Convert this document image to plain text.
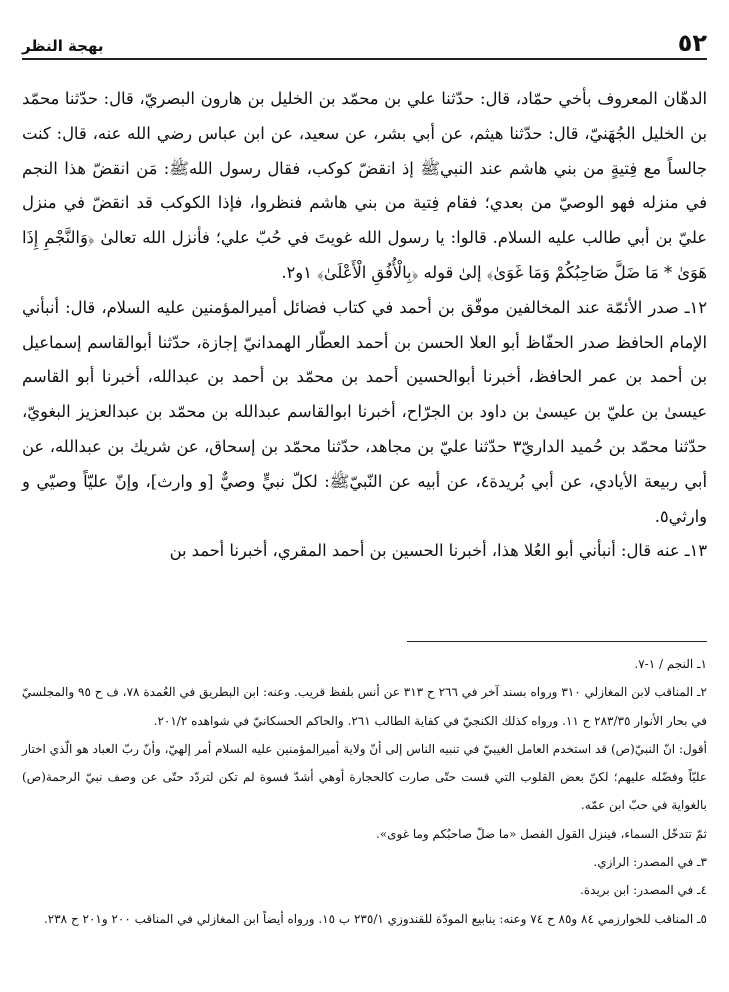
٥٢
بهجة النظر

الدهّان المعروف بأخي حمّاد، قال: حدّثنا علي بن محمّد بن الخليل بن هارون البصريّ، قال: حدّثنا محمّد بن الخليل الجُهَنيّ، قال: حدّثنا هيثم، عن أبي بشر، عن سعيد، عن ابن عباس رضي الله عنه، قال: كنت جالساً مع فِتيةٍ من بني هاشم عند النبيﷺ إذ انقضّ كوكب، فقال رسول اللهﷺ: مَن انقضّ هذا النجم في منزله فهو الوصيّ من بعدي؛ فقام فِتية من بني هاشم فنظروا، فإذا الكوكب قد انقضّ في منزل عليّ بن أبي طالب عليه السلام. قالوا: يا رسول الله غويتَ في حُبّ علي؛ فأنزل الله تعالىٰ ﴿وَالنَّجْمِ إِذَا هَوَىٰ * مَا ضَلَّ صَاحِبُكُمْ وَمَا غَوَىٰ﴾ إلىٰ قوله ﴿بِالْأُفُقِ الْأَعْلَىٰ﴾ ١و٢.

١٢ـ صدر الأئمّة عند المخالفين موفّق بن أحمد في كتاب فضائل أميرالمؤمنين عليه السلام، قال: أنبأني الإمام الحافظ صدر الحفّاظ أبو العلا الحسن بن أحمد العطّار الهمدانيّ إجازة، حدّثنا أبوالقاسم إسماعيل بن أحمد بن عمر الحافظ، أخبرنا أبوالحسين أحمد بن محمّد بن أحمد بن عبدالله، أخبرنا أبو القاسم عيسىٰ بن عليّ بن عيسىٰ بن داود بن الجرّاح، أخبرنا ابوالقاسم عبدالله بن محمّد بن عبدالعزيز البغويّ، حدّثنا محمّد بن حُميد الداريّ٣ حدّثنا عليّ بن مجاهد، حدّثنا محمّد بن إسحاق، عن شريك بن عبدالله، عن أبي ربيعة الأيادي، عن أبي بُريدة٤، عن أبيه عن النّبيّﷺ: لكلّ نبيٍّ وصيٌّ [و وارث]، وإنّ عليّاً وصيّي و وارثي٥.

١٣ـ عنه قال: أنبأني أبو العُلا هذا، أخبرنا الحسين بن أحمد المقري، أخبرنا أحمد بن

١ـ النجم / ١-٧.

٢ـ المناقب لابن المغازلي ٣١٠ ورواه بسند آخر في ٢٦٦ ح ٣١٣ عن أنس بلفظ قريب. وعنه: ابن البطريق في العُمدة ٧٨، ف ح ٩٥ والمجلسيّ في بحار الأنوار ٢٨٣/٣٥ ح ١١. ورواه كذلك الكنجيّ في كفاية الطالب ٢٦١. والحاكم الحسكانيّ في شواهده ٢٠١/٢.

أقول: انّ النبيّ(ص) قد استخدم العامل الغيبيّ في تنبيه الناس إلى أنّ ولاية أميرالمؤمنين عليه السلام أمر إلهيّ، وأنّ ربّ العباد هو الّذي اختار عليّاً وفضّله عليهم؛ لكنّ بعض القلوب التي قست حتّى صارت كالحجارة أوهي أشدّ قسوة لم تكن لتردّد حتّى عن وصف نبيّ الرحمة(ص) بالغواية في حبّ ابن عمّه.

ثمّ تتدخّل السماء، فينزل القول الفصل «ما ضلّ صاحبُكم وما غوى».

٣ـ في المصدر: الرازي.

٤ـ في المصدر: ابن بريدة.

٥ـ المناقب للخوارزمي ٨٤ و٨٥ ح ٧٤ وعنه: ينابيع المودّة للقندوزي ٢٣٥/١ ب ١٥. ورواه أيضاً ابن المغازلي في المناقب ٢٠٠ و٢٠١ ح ٢٣٨.
